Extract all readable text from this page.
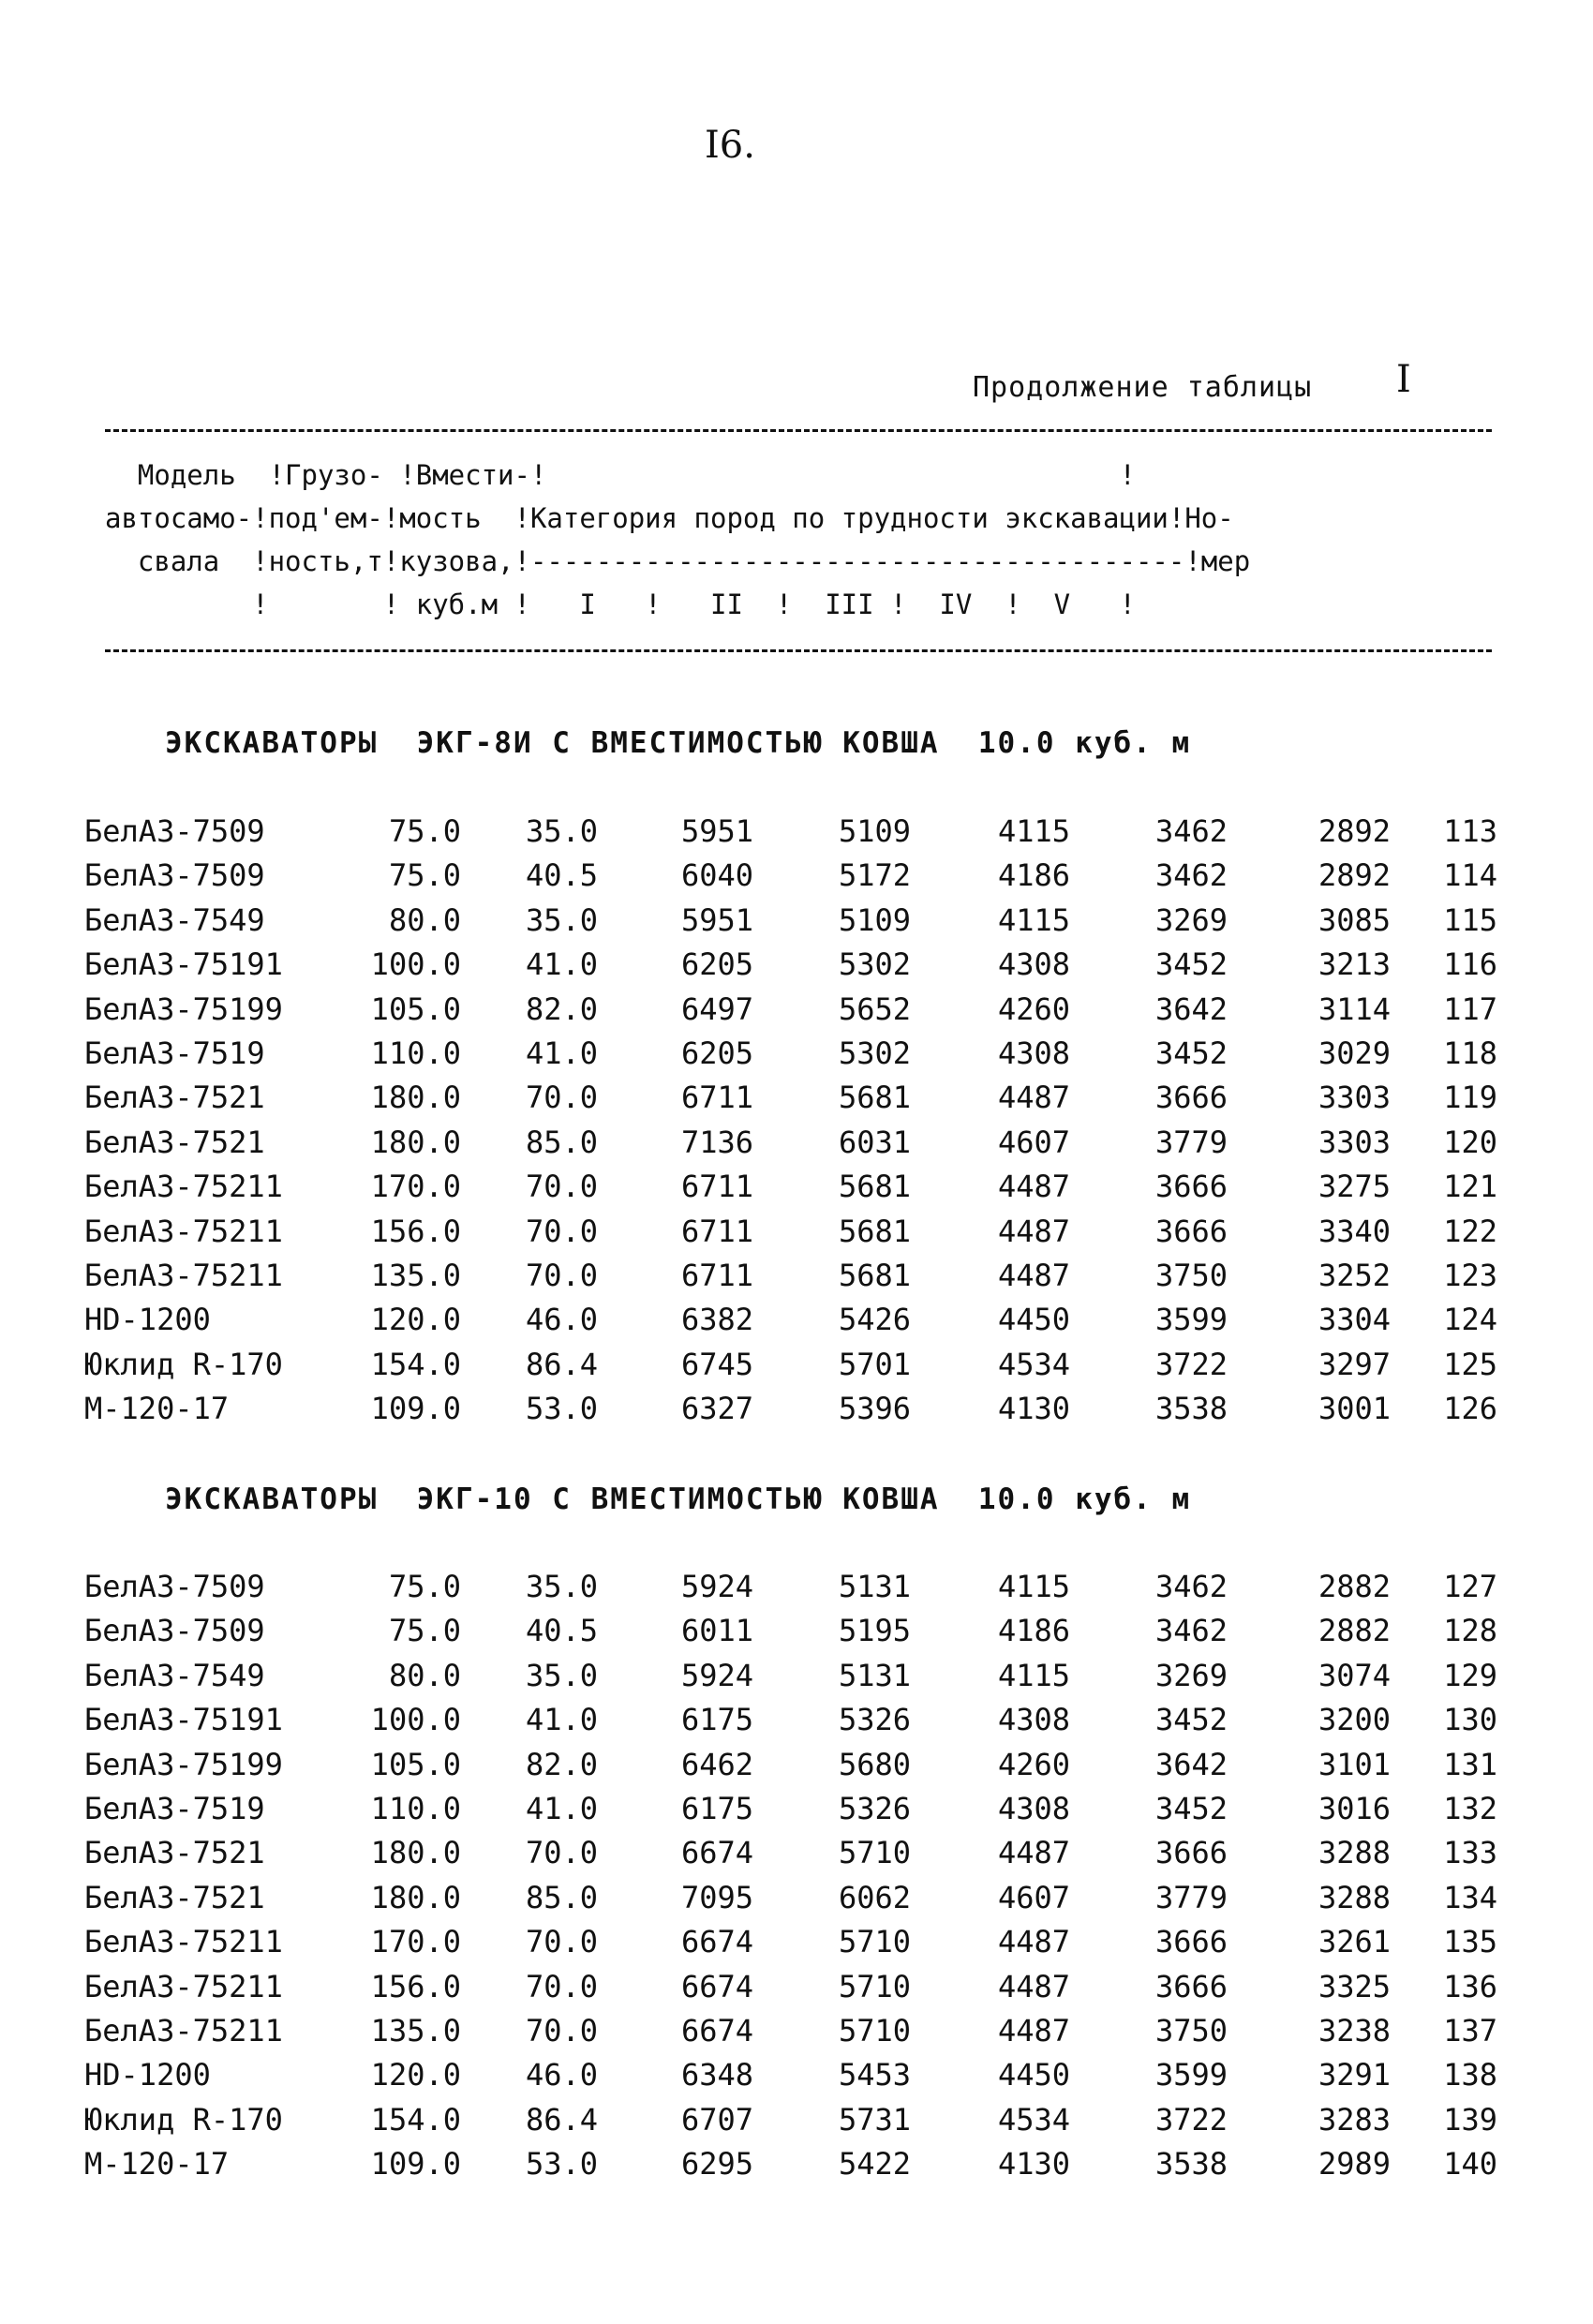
I6.
Продолжение таблицы I

Модель  !Грузо- !Вмести-!                                   !

автосамо-!под'ем-!мость  !Категория пород по трудности экскавации!Но-

свала  !ность,т!кузова,!----------------------------------------!мер

!       ! куб.м !   I   !   II  !  III !  IV  !  V   !

ЭКСКАВАТОРЫ  ЭКГ-8И С ВМЕСТИМОСТЬЮ КОВША  10.0 куб. м
БелАЗ-7509	75.0	35.0	5951	5109	4115	3462	2892	113
БелАЗ-7509	75.0	40.5	6040	5172	4186	3462	2892	114
БелАЗ-7549	80.0	35.0	5951	5109	4115	3269	3085	115
БелАЗ-75191	100.0	41.0	6205	5302	4308	3452	3213	116
БелАЗ-75199	105.0	82.0	6497	5652	4260	3642	3114	117
БелАЗ-7519	110.0	41.0	6205	5302	4308	3452	3029	118
БелАЗ-7521	180.0	70.0	6711	5681	4487	3666	3303	119
БелАЗ-7521	180.0	85.0	7136	6031	4607	3779	3303	120
БелАЗ-75211	170.0	70.0	6711	5681	4487	3666	3275	121
БелАЗ-75211	156.0	70.0	6711	5681	4487	3666	3340	122
БелАЗ-75211	135.0	70.0	6711	5681	4487	3750	3252	123
HD-1200	120.0	46.0	6382	5426	4450	3599	3304	124
Юклид R-170	154.0	86.4	6745	5701	4534	3722	3297	125
М-120-17	109.0	53.0	6327	5396	4130	3538	3001	126
ЭКСКАВАТОРЫ  ЭКГ-10 С ВМЕСТИМОСТЬЮ КОВША  10.0 куб. м
БелАЗ-7509	75.0	35.0	5924	5131	4115	3462	2882	127
БелАЗ-7509	75.0	40.5	6011	5195	4186	3462	2882	128
БелАЗ-7549	80.0	35.0	5924	5131	4115	3269	3074	129
БелАЗ-75191	100.0	41.0	6175	5326	4308	3452	3200	130
БелАЗ-75199	105.0	82.0	6462	5680	4260	3642	3101	131
БелАЗ-7519	110.0	41.0	6175	5326	4308	3452	3016	132
БелАЗ-7521	180.0	70.0	6674	5710	4487	3666	3288	133
БелАЗ-7521	180.0	85.0	7095	6062	4607	3779	3288	134
БелАЗ-75211	170.0	70.0	6674	5710	4487	3666	3261	135
БелАЗ-75211	156.0	70.0	6674	5710	4487	3666	3325	136
БелАЗ-75211	135.0	70.0	6674	5710	4487	3750	3238	137
HD-1200	120.0	46.0	6348	5453	4450	3599	3291	138
Юклид R-170	154.0	86.4	6707	5731	4534	3722	3283	139
М-120-17	109.0	53.0	6295	5422	4130	3538	2989	140
